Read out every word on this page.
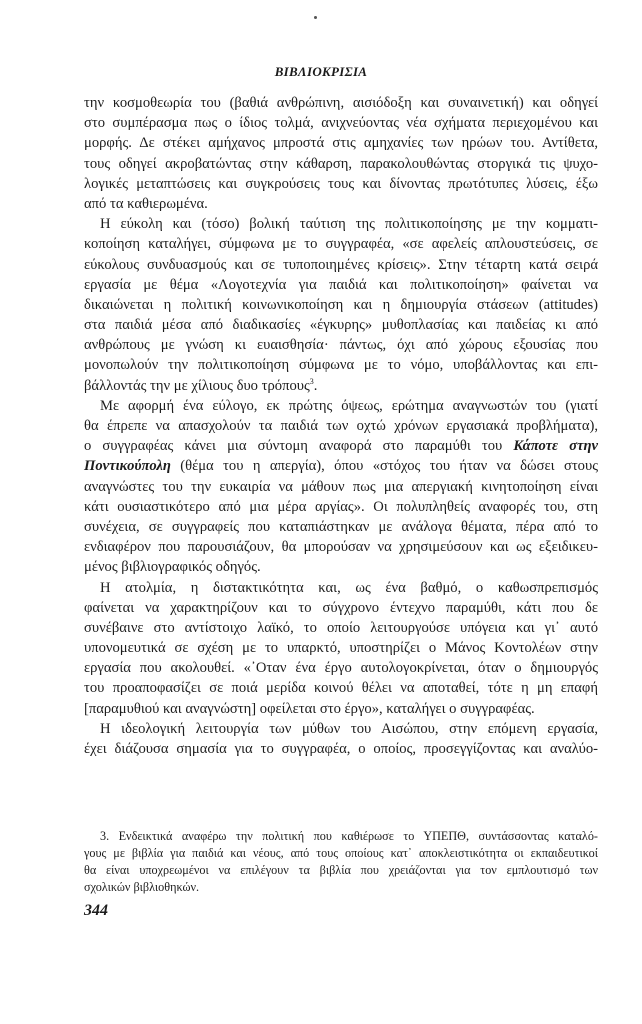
ΒΙΒΛΙΟΚΡΙΣΙΑ
την κοσμοθεωρία του (βαθιά ανθρώπινη, αισιόδοξη και συναινετική) και οδηγεί
στο συμπέρασμα πως ο ίδιος τολμά, ανιχνεύοντας νέα σχήματα περιεχομένου και
μορφής. Δε στέκει αμήχανος μπροστά στις αμηχανίες των ηρώων του. Αντίθετα,
τους οδηγεί ακροβατώντας στην κάθαρση, παρακολουθώντας στοργικά τις ψυχο-
λογικές μεταπτώσεις και συγκρούσεις τους και δίνοντας πρωτότυπες λύσεις, έξω
από τα καθιερωμένα.
Η εύκολη και (τόσο) βολική ταύτιση της πολιτικοποίησης με την κομματι-
κοποίηση καταλήγει, σύμφωνα με το συγγραφέα, «σε αφελείς απλουστεύσεις, σε
εύκολους συνδυασμούς και σε τυποποιημένες κρίσεις». Στην τέταρτη κατά σειρά
εργασία με θέμα «Λογοτεχνία για παιδιά και πολιτικοποίηση» φαίνεται να
δικαιώνεται η πολιτική κοινωνικοποίηση και η δημιουργία στάσεων (attitudes)
στα παιδιά μέσα από διαδικασίες «έγκυρης» μυθοπλασίας και παιδείας κι από
ανθρώπους με γνώση κι ευαισθησία· πάντως, όχι από χώρους εξουσίας που
μονοπωλούν την πολιτικοποίηση σύμφωνα με το νόμο, υποβάλλοντας και επι-
βάλλοντάς την με χίλιους δυο τρόπους$^3$.
Με αφορμή ένα εύλογο, εκ πρώτης όψεως, ερώτημα αναγνωστών του (γιατί
θα έπρεπε να απασχολούν τα παιδιά των οχτώ χρόνων εργασιακά προβλήματα),
ο συγγραφέας κάνει μια σύντομη αναφορά στο παραμύθι του Κάποτε στην
Ποντικούπολη (θέμα του η απεργία), όπου «στόχος του ήταν να δώσει στους
αναγνώστες του την ευκαιρία να μάθουν πως μια απεργιακή κινητοποίηση είναι
κάτι ουσιαστικότερο από μια μέρα αργίας». Οι πολυπληθείς αναφορές του, στη
συνέχεια, σε συγγραφείς που καταπιάστηκαν με ανάλογα θέματα, πέρα από το
ενδιαφέρον που παρουσιάζουν, θα μπορούσαν να χρησιμεύσουν και ως εξειδικευ-
μένος βιβλιογραφικός οδηγός.
Η ατολμία, η διστακτικότητα και, ως ένα βαθμό, ο καθωσπρεπισμός
φαίνεται να χαρακτηρίζουν και το σύγχρονο έντεχνο παραμύθι, κάτι που δε
συνέβαινε στο αντίστοιχο λαϊκό, το οποίο λειτουργούσε υπόγεια και γι᾽ αυτό
υπονομευτικά σε σχέση με το υπαρκτό, υποστηρίζει ο Μάνος Κοντολέων στην
εργασία που ακολουθεί. «᾽Οταν ένα έργο αυτολογοκρίνεται, όταν ο δημιουργός
του προαποφασίζει σε ποιά μερίδα κοινού θέλει να αποταθεί, τότε η μη επαφή
[παραμυθιού και αναγνώστη] οφείλεται στο έργο», καταλήγει ο συγγραφέας.
Η ιδεολογική λειτουργία των μύθων του Αισώπου, στην επόμενη εργασία,
έχει διάζουσα σημασία για το συγγραφέα, ο οποίος, προσεγγίζοντας και αναλύο-
3. Ενδεικτικά αναφέρω την πολιτική που καθιέρωσε το ΥΠΕΠΘ, συντάσσοντας καταλό-
γους με βιβλία για παιδιά και νέους, από τους οποίους κατ᾽ αποκλειστικότητα οι εκπαιδευτικοί
θα είναι υποχρεωμένοι να επιλέγουν τα βιβλία που χρειάζονται για τον εμπλουτισμό των
σχολικών βιβλιοθηκών.
344
